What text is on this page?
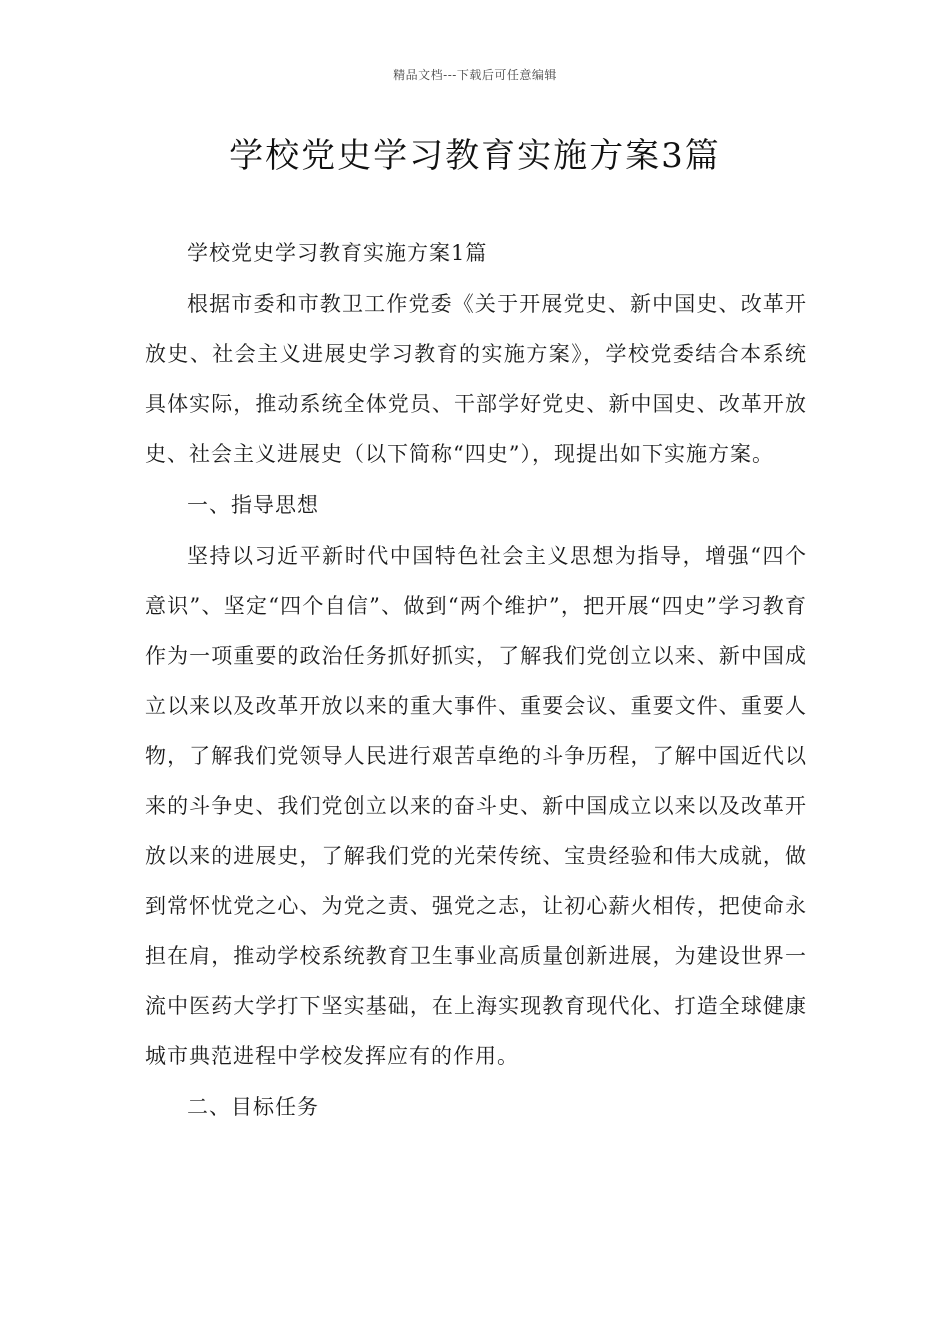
精品文档---下载后可任意编辑
学校党史学习教育实施方案3篇

学校党史学习教育实施方案1篇

根据市委和市教卫工作党委《关于开展党史、新中国史、改革开放史、社会主义进展史学习教育的实施方案》，学校党委结合本系统具体实际，推动系统全体党员、干部学好党史、新中国史、改革开放史、社会主义进展史（以下简称“四史”），现提出如下实施方案。

一、指导思想

坚持以习近平新时代中国特色社会主义思想为指导，增强“四个意识”、坚定“四个自信”、做到“两个维护”，把开展“四史”学习教育作为一项重要的政治任务抓好抓实，了解我们党创立以来、新中国成立以来以及改革开放以来的重大事件、重要会议、重要文件、重要人物，了解我们党领导人民进行艰苦卓绝的斗争历程，了解中国近代以来的斗争史、我们党创立以来的奋斗史、新中国成立以来以及改革开放以来的进展史，了解我们党的光荣传统、宝贵经验和伟大成就，做到常怀忧党之心、为党之责、强党之志，让初心薪火相传，把使命永担在肩，推动学校系统教育卫生事业高质量创新进展，为建设世界一流中医药大学打下坚实基础，在上海实现教育现代化、打造全球健康城市典范进程中学校发挥应有的作用。

二、目标任务
